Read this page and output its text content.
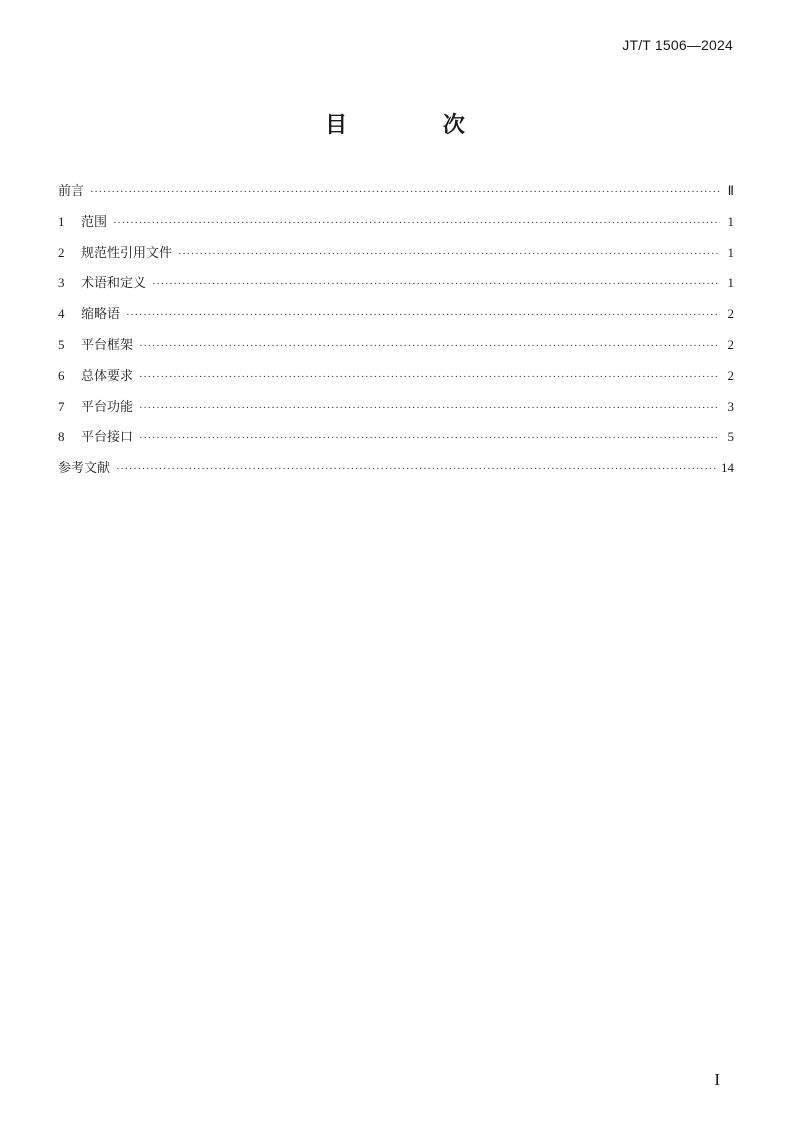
JT/T 1506—2024
目 次
前言 ·····	Ⅱ
1	范围 ·····	1
2	规范性引用文件 ·····	1
3	术语和定义 ·····	1
4	缩略语 ·····	2
5	平台框架 ·····	2
6	总体要求 ·····	2
7	平台功能 ·····	3
8	平台接口 ·····	5
参考文献 ·····	14
I
